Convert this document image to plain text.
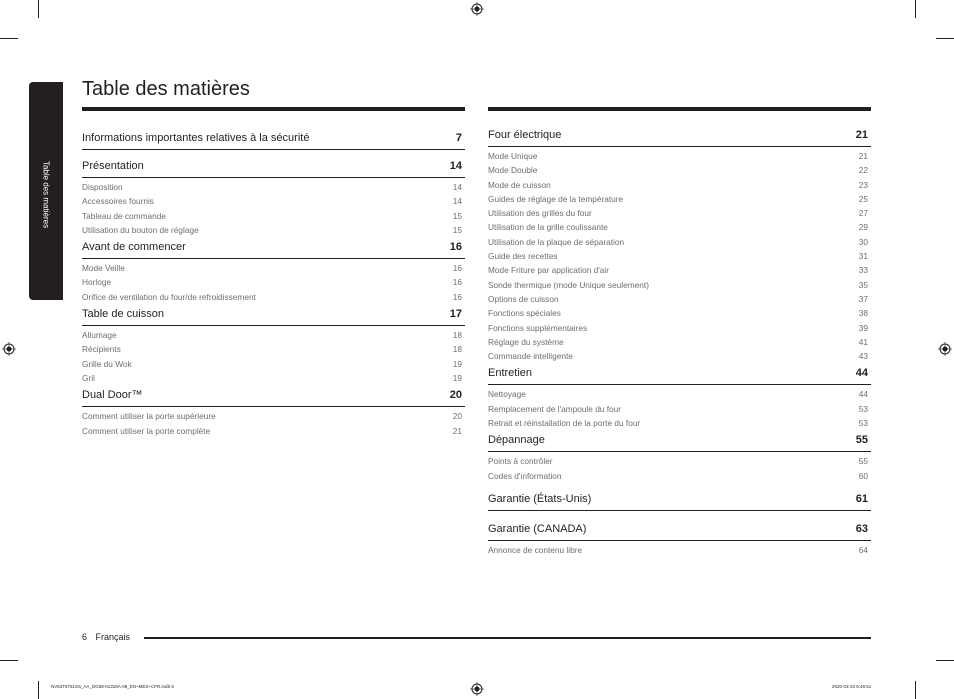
Table des matières
Table des matières
Informations importantes relatives à la sécurité	7
Présentation	14
Disposition	14
Accessoires fournis	14
Tableau de commande	15
Utilisation du bouton de réglage	15
Avant de commencer	16
Mode Veille	16
Horloge	16
Orifice de ventilation du four/de refroidissement	16
Table de cuisson	17
Allumage	18
Récipients	18
Grille du Wok	19
Gril	19
Dual Door™	20
Comment utiliser la porte supérieure	20
Comment utiliser la porte complète	21
Four électrique	21
Mode Unique	21
Mode Double	22
Mode de cuisson	23
Guides de réglage de la température	25
Utilisation des grilles du four	27
Utilisation de la grille coulissante	29
Utilisation de la plaque de séparation	30
Guide des recettes	31
Mode Friture par application d'air	33
Sonde thermique (mode Unique seulement)	35
Options de cuisson	37
Fonctions spéciales	38
Fonctions supplémentaires	39
Réglage du système	41
Commande intelligente	43
Entretien	44
Nettoyage	44
Remplacement de l'ampoule du four	53
Retrait et réinstallation de la porte du four	53
Dépannage	55
Points à contrôler	55
Codes d'information	60
Garantie (États-Unis)	61
Garantie (CANADA)	63
Annonce de contenu libre	64
6 Français
NV63T8751SS_AA_DG68-01318A-08_EN+MES+CFR.indb 6	2020-03-23 6:46:51
